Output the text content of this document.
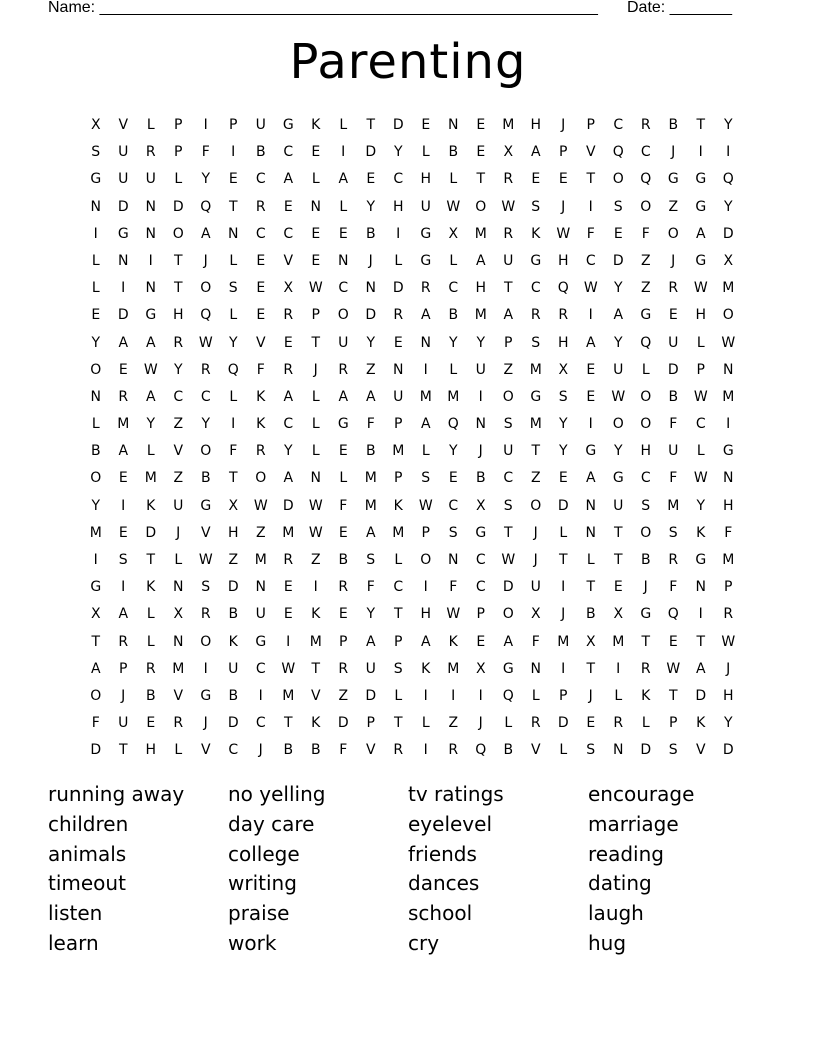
Name: ________________________________________________________ Date: _______
Parenting
X	V	L	P	I	P	U	G	K	L	T	D	E	N	E	M	H	J	P	C	R	B	T	Y
S	U	R	P	F	I	B	C	E	I	D	Y	L	B	E	X	A	P	V	Q	C	J	I	I
G	U	U	L	Y	E	C	A	L	A	E	C	H	L	T	R	E	E	T	O	Q	G	G	Q
N	D	N	D	Q	T	R	E	N	L	Y	H	U	W	O	W	S	J	I	S	O	Z	G	Y
I	G	N	O	A	N	C	C	E	E	B	I	G	X	M	R	K	W	F	E	F	O	A	D
L	N	I	T	J	L	E	V	E	N	J	L	G	L	A	U	G	H	C	D	Z	J	G	X
L	I	N	T	O	S	E	X	W	C	N	D	R	C	H	T	C	Q	W	Y	Z	R	W	M
E	D	G	H	Q	L	E	R	P	O	D	R	A	B	M	A	R	R	I	A	G	E	H	O
Y	A	A	R	W	Y	V	E	T	U	Y	E	N	Y	Y	P	S	H	A	Y	Q	U	L	W
O	E	W	Y	R	Q	F	R	J	R	Z	N	I	L	U	Z	M	X	E	U	L	D	P	N
N	R	A	C	C	L	K	A	L	A	A	U	M	M	I	O	G	S	E	W	O	B	W	M
L	M	Y	Z	Y	I	K	C	L	G	F	P	A	Q	N	S	M	Y	I	O	O	F	C	I
B	A	L	V	O	F	R	Y	L	E	B	M	L	Y	J	U	T	Y	G	Y	H	U	L	G
O	E	M	Z	B	T	O	A	N	L	M	P	S	E	B	C	Z	E	A	G	C	F	W	N
Y	I	K	U	G	X	W	D	W	F	M	K	W	C	X	S	O	D	N	U	S	M	Y	H
M	E	D	J	V	H	Z	M	W	E	A	M	P	S	G	T	J	L	N	T	O	S	K	F
I	S	T	L	W	Z	M	R	Z	B	S	L	O	N	C	W	J	T	L	T	B	R	G	M
G	I	K	N	S	D	N	E	I	R	F	C	I	F	C	D	U	I	T	E	J	F	N	P
X	A	L	X	R	B	U	E	K	E	Y	T	H	W	P	O	X	J	B	X	G	Q	I	R
T	R	L	N	O	K	G	I	M	P	A	P	A	K	E	A	F	M	X	M	T	E	T	W
A	P	R	M	I	U	C	W	T	R	U	S	K	M	X	G	N	I	T	I	R	W	A	J
O	J	B	V	G	B	I	M	V	Z	D	L	I	I	I	Q	L	P	J	L	K	T	D	H
F	U	E	R	J	D	C	T	K	D	P	T	L	Z	J	L	R	D	E	R	L	P	K	Y
D	T	H	L	V	C	J	B	B	F	V	R	I	R	Q	B	V	L	S	N	D	S	V	D
running away	no yelling	tv ratings	encourage
children	day care	eyelevel	marriage
animals	college	friends	reading
timeout	writing	dances	dating
listen	praise	school	laugh
learn	work	cry	hug
